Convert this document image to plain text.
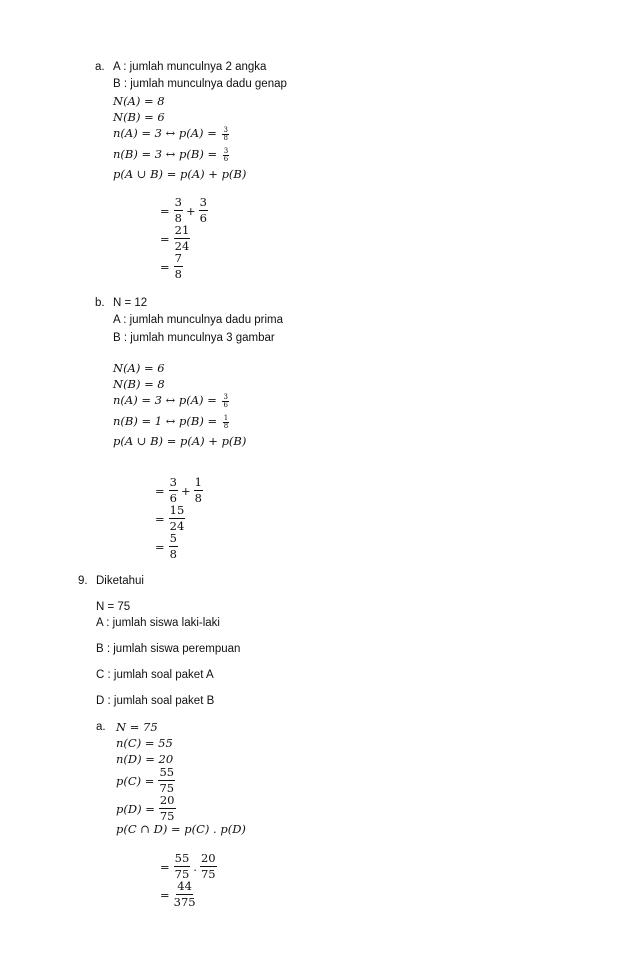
a. A : jumlah munculnya 2 angka
B : jumlah munculnya dadu genap
N(A) = 8
N(B) = 6
n(A) = 3 ↔ $p(A) = \frac{3}{8}$
n(B) = 3 ↔ $p(B) = \frac{3}{6}$
p(A ∪ B) = p(A) + p(B)
= $\frac{3}{8} + \frac{3}{6}$
= $\frac{21}{24}$
= $\frac{7}{8}$
b. N = 12
A : jumlah munculnya dadu prima
B : jumlah munculnya 3 gambar
N(A) = 6
N(B) = 8
n(A) = 3 ↔ $p(A) = \frac{3}{6}$
n(B) = 1 ↔ $p(B) = \frac{1}{8}$
p(A ∪ B) = p(A) + p(B)
= $\frac{3}{6} + \frac{1}{8}$
= $\frac{15}{24}$
= $\frac{5}{8}$
9. Diketahui
N = 75
A : jumlah siswa laki-laki
B : jumlah siswa perempuan
C : jumlah soal paket A
D : jumlah soal paket B
a. N = 75
n(C) = 55
n(D) = 20
$p(C) = \frac{55}{75}$
$p(D) = \frac{20}{75}$
p(C ∩ D) = p(C) . p(D)
= $\frac{55}{75}$ . $\frac{20}{75}$
= $\frac{44}{375}$
